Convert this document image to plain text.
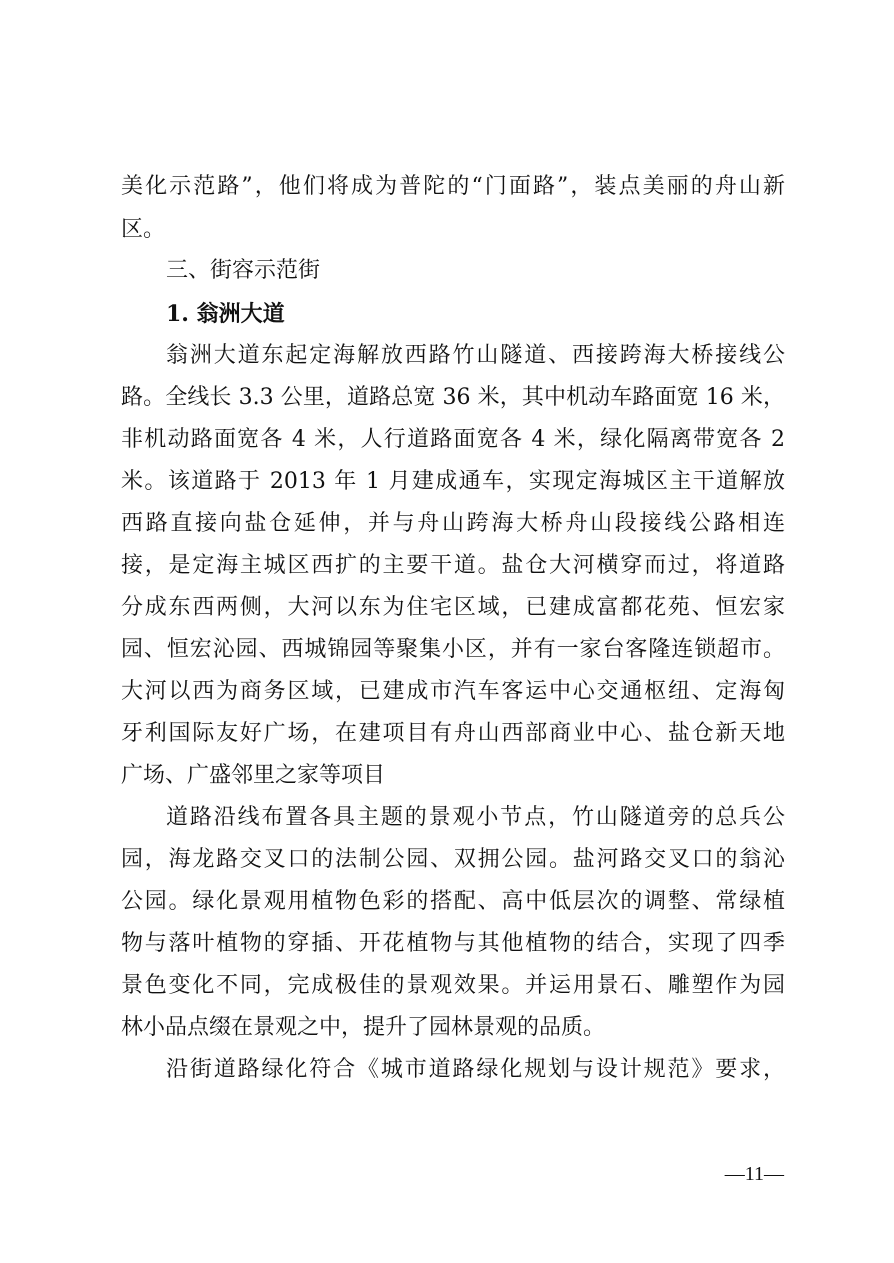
美化示范路”，他们将成为普陀的“门面路”，装点美丽的舟山新
区。
三、街容示范街
1. 翁洲大道
翁洲大道东起定海解放西路竹山隧道、西接跨海大桥接线公
路。全线长 3.3 公里，道路总宽 36 米，其中机动车路面宽 16 米，
非机动路面宽各 4 米，人行道路面宽各 4 米，绿化隔离带宽各 2
米。该道路于 2013 年 1 月建成通车，实现定海城区主干道解放
西路直接向盐仓延伸，并与舟山跨海大桥舟山段接线公路相连
接，是定海主城区西扩的主要干道。盐仓大河横穿而过，将道路
分成东西两侧，大河以东为住宅区域，已建成富都花苑、恒宏家
园、恒宏沁园、西城锦园等聚集小区，并有一家台客隆连锁超市。
大河以西为商务区域，已建成市汽车客运中心交通枢纽、定海匈
牙利国际友好广场，在建项目有舟山西部商业中心、盐仓新天地
广场、广盛邻里之家等项目
道路沿线布置各具主题的景观小节点，竹山隧道旁的总兵公
园，海龙路交叉口的法制公园、双拥公园。盐河路交叉口的翁沁
公园。绿化景观用植物色彩的搭配、高中低层次的调整、常绿植
物与落叶植物的穿插、开花植物与其他植物的结合，实现了四季
景色变化不同，完成极佳的景观效果。并运用景石、雕塑作为园
林小品点缀在景观之中，提升了园林景观的品质。
沿街道路绿化符合《城市道路绿化规划与设计规范》要求，
—11—
